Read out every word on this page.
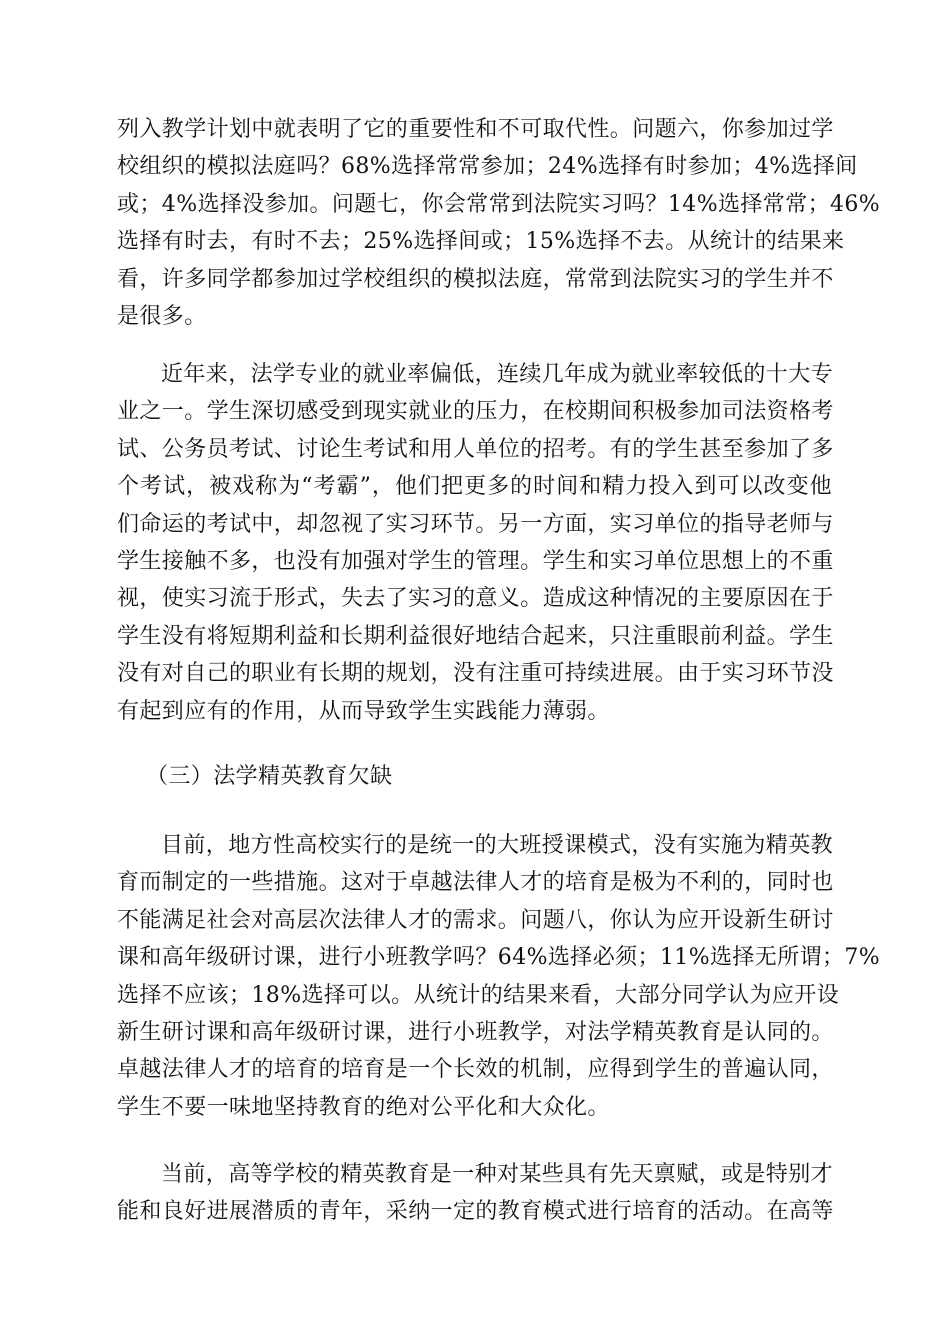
列入教学计划中就表明了它的重要性和不可取代性。问题六，你参加过学
校组织的模拟法庭吗？68%选择常常参加；24%选择有时参加；4%选择间
或；4%选择没参加。问题七，你会常常到法院实习吗？14%选择常常；46%
选择有时去，有时不去；25%选择间或；15%选择不去。从统计的结果来
看，许多同学都参加过学校组织的模拟法庭，常常到法院实习的学生并不
是很多。
近年来，法学专业的就业率偏低，连续几年成为就业率较低的十大专
业之一。学生深切感受到现实就业的压力，在校期间积极参加司法资格考
试、公务员考试、讨论生考试和用人单位的招考。有的学生甚至参加了多
个考试，被戏称为“考霸”，他们把更多的时间和精力投入到可以改变他
们命运的考试中，却忽视了实习环节。另一方面，实习单位的指导老师与
学生接触不多，也没有加强对学生的管理。学生和实习单位思想上的不重
视，使实习流于形式，失去了实习的意义。造成这种情况的主要原因在于
学生没有将短期利益和长期利益很好地结合起来，只注重眼前利益。学生
没有对自己的职业有长期的规划，没有注重可持续进展。由于实习环节没
有起到应有的作用，从而导致学生实践能力薄弱。
（三）法学精英教育欠缺
目前，地方性高校实行的是统一的大班授课模式，没有实施为精英教
育而制定的一些措施。这对于卓越法律人才的培育是极为不利的，同时也
不能满足社会对高层次法律人才的需求。问题八，你认为应开设新生研讨
课和高年级研讨课，进行小班教学吗？64%选择必须；11%选择无所谓；7%
选择不应该；18%选择可以。从统计的结果来看，大部分同学认为应开设
新生研讨课和高年级研讨课，进行小班教学，对法学精英教育是认同的。
卓越法律人才的培育的培育是一个长效的机制，应得到学生的普遍认同，
学生不要一味地坚持教育的绝对公平化和大众化。
当前，高等学校的精英教育是一种对某些具有先天禀赋，或是特别才
能和良好进展潜质的青年，采纳一定的教育模式进行培育的活动。在高等
